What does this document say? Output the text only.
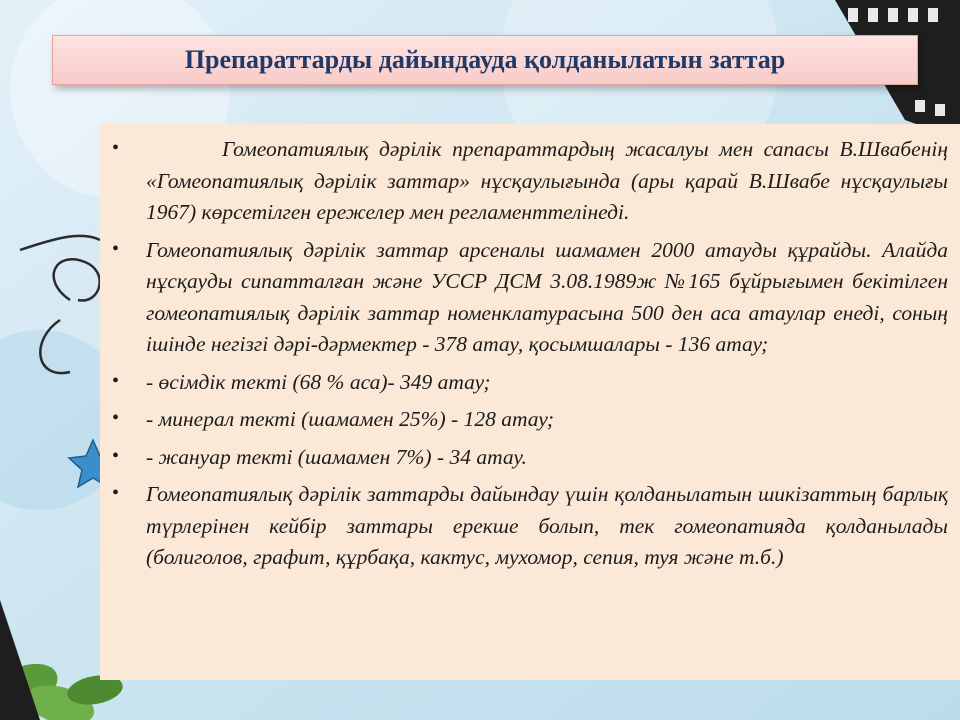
Препараттарды дайындауда қолданылатын заттар
•	Гомеопатиялық дәрілік препараттардың жасалуы мен сапасы В.Швабенің «Гомеопатиялық дәрілік заттар» нұсқаулығында (ары қарай В.Швабе нұсқаулығы 1967) көрсетілген ережелер мен регламенттелінеді.
• Гомеопатиялық дәрілік заттар арсеналы шамамен 2000 атауды құрайды. Алайда нұсқауды сипатталған және УССР ДСМ 3.08.1989ж №165 бұйрығымен бекітілген гомеопатиялық дәрілік заттар номенклатурасына 500 ден аса атаулар енеді, соның ішінде негізгі дәрі-дәрмектер - 378 атау, қосымшалары - 136 атау;
• - өсімдік текті (68 % аса)- 349 атау;
• - минерал текті (шамамен 25%) - 128 атау;
• - жануар текті (шамамен 7%) - 34 атау.
• Гомеопатиялық дәрілік заттарды дайындау үшін қолданылатын шикізаттың барлық түрлерінен кейбір заттары ерекше болып, тек гомеопатияда қолданылады (болиголов, графит, құрбақа, кактус, мухомор, сепия, туя және т.б.)
